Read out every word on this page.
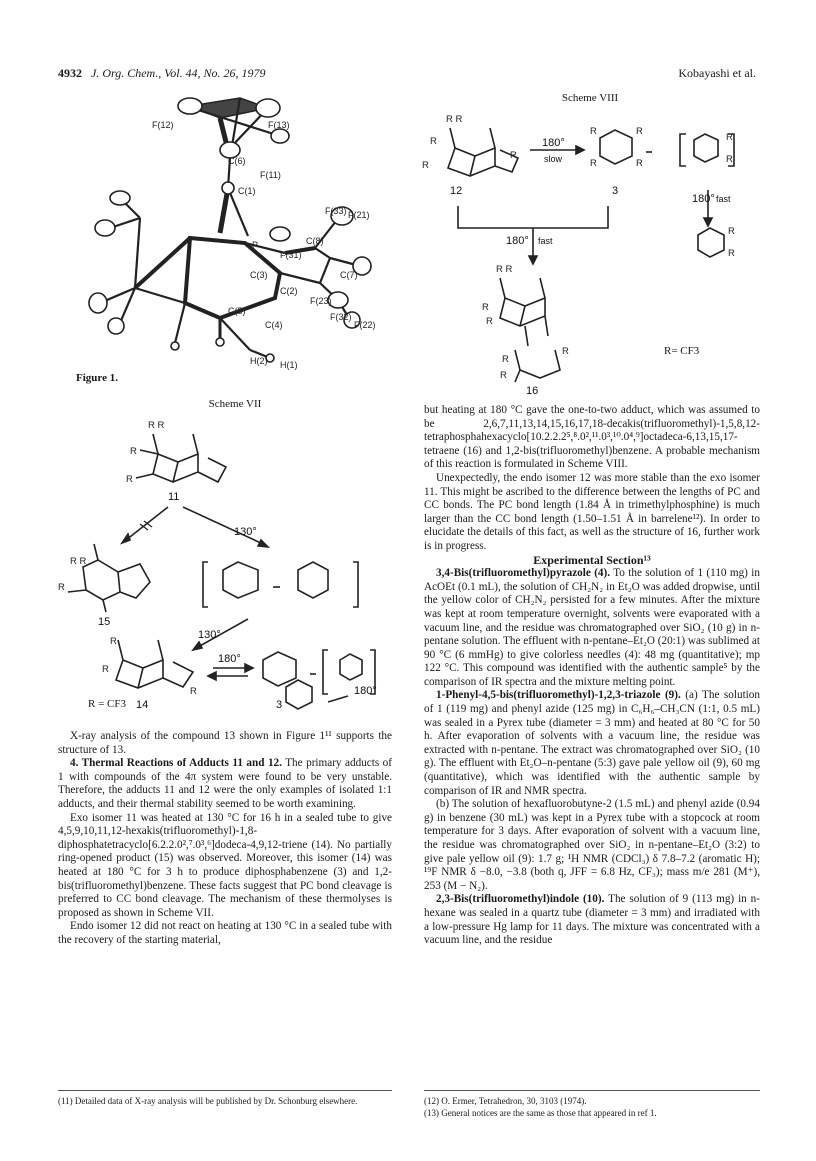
4932 J. Org. Chem., Vol. 44, No. 26, 1979	Kobayashi et al.
F(12)	F(13)
C(6)
F(11)
C(1)
F(33) F(21)
P
F(31)
C(8)
C(3)	C(7)
C(2)
F(23)
C(5)
F(32)
C(4)	F(22)
H(2) H(1)
Figure 1.
Scheme VII
R R
R
R
R R
R
R
R
R
11
15
14	3
130°
130°
180°
180°
R = CF3
Scheme VIII
R R
R
R
R
R	R
R	R
R
R
R
R
R R
R
R
R
R
R
12	3
16
180°
slow
180° fast
180° fast
R= CF3

X-ray analysis of the compound 13 shown in Figure 1¹¹ supports the structure of 13.

4. Thermal Reactions of Adducts 11 and 12. The primary adducts of 1 with compounds of the 4π system were found to be very unstable. Therefore, the adducts 11 and 12 were the only examples of isolated 1:1 adducts, and their thermal stability seemed to be worth examining.

Exo isomer 11 was heated at 130 °C for 16 h in a sealed tube to give 4,5,9,10,11,12-hexakis(trifluoromethyl)-1,8-diphosphatetracyclo[6.2.2.0²,⁷.0³,⁶]dodeca-4,9,12-triene (14). No partially ring-opened product (15) was observed. Moreover, this isomer (14) was heated at 180 °C for 3 h to produce diphosphabenzene (3) and 1,2-bis(trifluoromethyl)benzene. These facts suggest that PC bond cleavage is preferred to CC bond cleavage. The mechanism of these thermolyses is proposed as shown in Scheme VII.

Endo isomer 12 did not react on heating at 130 °C in a sealed tube with the recovery of the starting material,

but heating at 180 °C gave the one-to-two adduct, which was assumed to be 2,6,7,11,13,14,15,16,17,18-decakis(trifluoromethyl)-1,5,8,12-tetraphosphahexacyclo[10.2.2.2⁵,⁸.0²,¹¹.0³,¹⁰.0⁴,⁹]octadeca-6,13,15,17-tetraene (16) and 1,2-bis(trifluoromethyl)benzene. A probable mechanism of this reaction is formulated in Scheme VIII.

Unexpectedly, the endo isomer 12 was more stable than the exo isomer 11. This might be ascribed to the difference between the lengths of PC and CC bonds. The PC bond length (1.84 Å in trimethylphosphine) is much larger than the CC bond length (1.50–1.51 Å in barrelene¹²). In order to elucidate the details of this fact, as well as the structure of 16, further work is in progress.

Experimental Section¹³

3,4-Bis(trifluoromethyl)pyrazole (4). To the solution of 1 (110 mg) in AcOEt (0.1 mL), the solution of CH₂N₂ in Et₂O was added dropwise, until the yellow color of CH₂N₂ persisted for a few minutes. After the mixture was kept at room temperature overnight, solvents were evaporated with a vacuum line, and the residue was chromatographed over SiO₂ (10 g) in n-pentane solution. The effluent with n-pentane–Et₂O (20:1) was sublimed at 90 °C (6 mmHg) to give colorless needles (4): 48 mg (quantitative); mp 122 °C. This compound was identified with the authentic sample⁵ by the comparison of IR spectra and the mixture melting point.

1-Phenyl-4,5-bis(trifluoromethyl)-1,2,3-triazole (9). (a) The solution of 1 (119 mg) and phenyl azide (125 mg) in C₆H₆–CH₃CN (1:1, 0.5 mL) was sealed in a Pyrex tube (diameter = 3 mm) and heated at 80 °C for 50 h. After evaporation of solvents with a vacuum line, the residue was extracted with n-pentane. The extract was chromatographed over SiO₂ (10 g). The effluent with Et₂O–n-pentane (5:3) gave pale yellow oil (9), 60 mg (quantitative), which was identified with the authentic sample by comparison of IR and NMR spectra.

(b) The solution of hexafluorobutyne-2 (1.5 mL) and phenyl azide (0.94 g) in benzene (30 mL) was kept in a Pyrex tube with a stopcock at room temperature for 3 days. After evaporation of solvent with a vacuum line, the residue was chromatographed over SiO₂ in n-pentane–Et₂O (3:2) to give pale yellow oil (9): 1.7 g; ¹H NMR (CDCl₃) δ 7.8–7.2 (aromatic H); ¹⁹F NMR δ −8.0, −3.8 (both q, JFF = 6.8 Hz, CF₃); mass m/e 281 (M⁺), 253 (M − N₂).

2,3-Bis(trifluoromethyl)indole (10). The solution of 9 (113 mg) in n-hexane was sealed in a quartz tube (diameter = 3 mm) and irradiated with a low-pressure Hg lamp for 11 days. The mixture was concentrated with a vacuum line, and the residue

(11) Detailed data of X-ray analysis will be published by Dr. Schonburg elsewhere.	(12) O. Ermer, Tetrahedron, 30, 3103 (1974).
(13) General notices are the same as those that appeared in ref 1.
